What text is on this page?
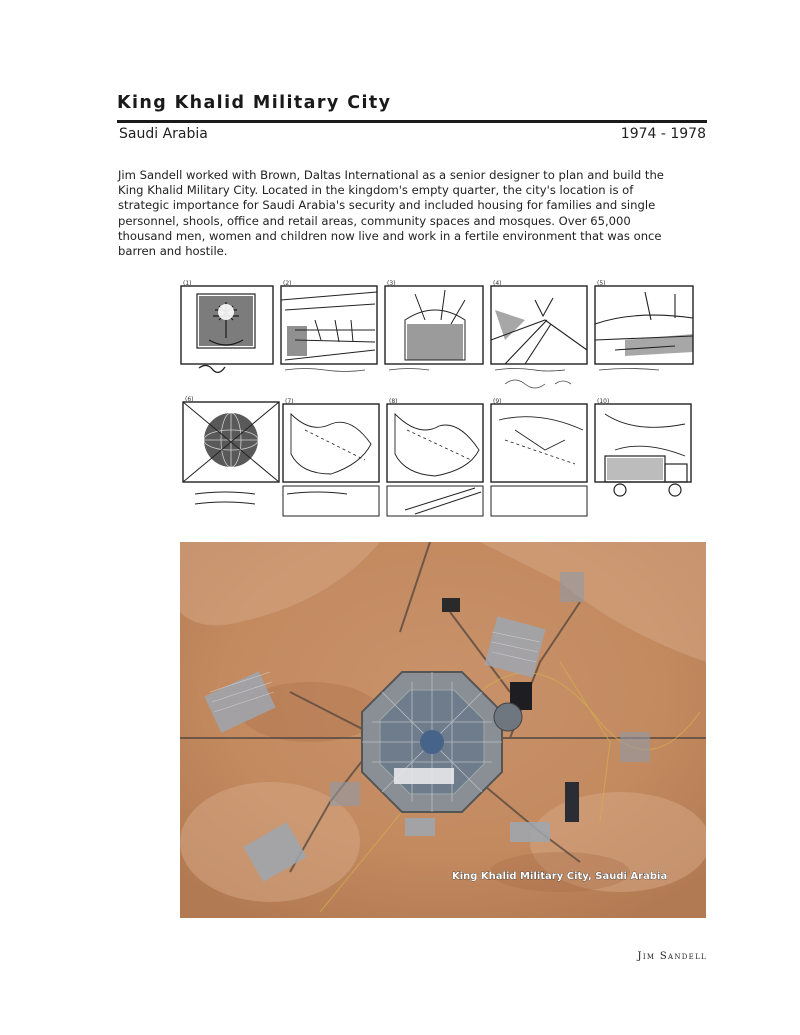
King Khalid Military City
Saudi Arabia	1974 - 1978
Jim Sandell worked with Brown, Daltas International as a senior designer to plan and build the King Khalid Military City. Located in the kingdom's empty quarter, the city's location is of strategic importance for Saudi Arabia's security and included housing for families and single personnel, shools, office and retail areas, community spaces and mosques. Over 65,000 thousand men, women and children now live and work in a fertile environment that was once barren and hostile.
(1)	(2)	(3)	(4)	(5)
(6)	(7)	(8)	(9)	(10)
King Khalid Military City, Saudi Arabia
Jim Sandell
